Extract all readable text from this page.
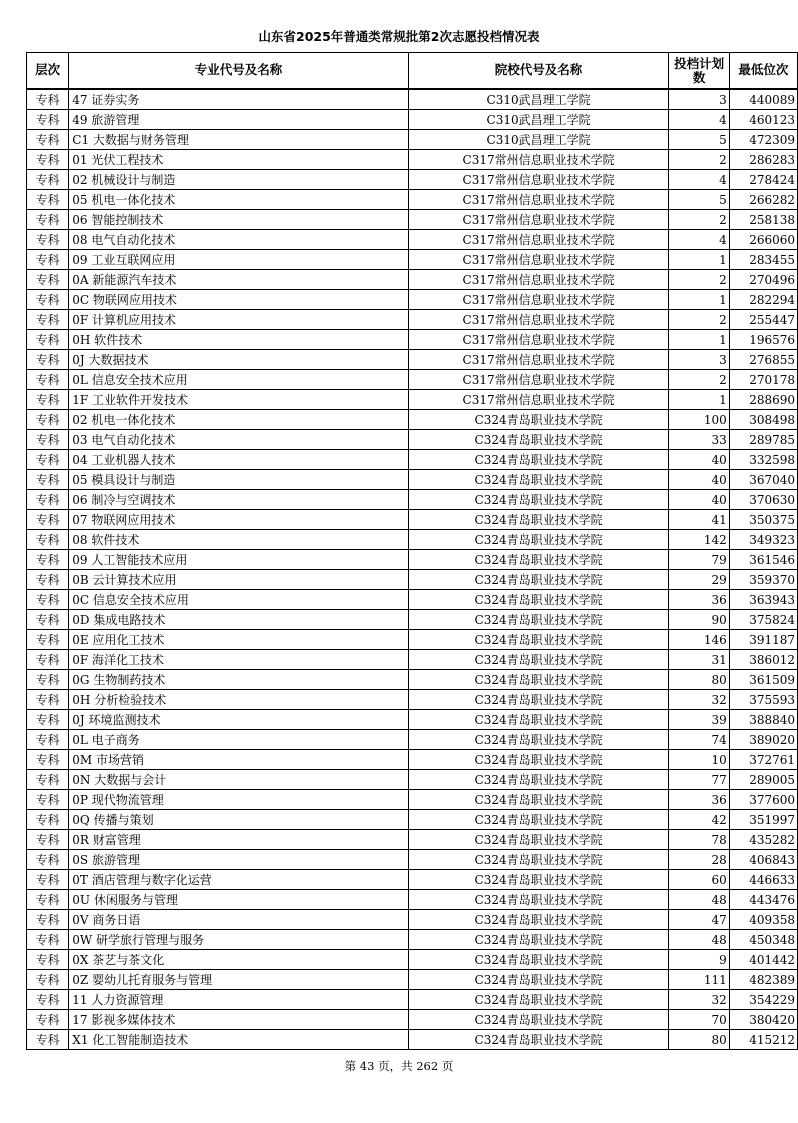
山东省2025年普通类常规批第2次志愿投档情况表
层次	专业代号及名称	院校代号及名称	投档计划数	最低位次
专科	47 证券实务	C310武昌理工学院	3	440089
专科	49 旅游管理	C310武昌理工学院	4	460123
专科	C1 大数据与财务管理	C310武昌理工学院	5	472309
专科	01 光伏工程技术	C317常州信息职业技术学院	2	286283
专科	02 机械设计与制造	C317常州信息职业技术学院	4	278424
专科	05 机电一体化技术	C317常州信息职业技术学院	5	266282
专科	06 智能控制技术	C317常州信息职业技术学院	2	258138
专科	08 电气自动化技术	C317常州信息职业技术学院	4	266060
专科	09 工业互联网应用	C317常州信息职业技术学院	1	283455
专科	0A 新能源汽车技术	C317常州信息职业技术学院	2	270496
专科	0C 物联网应用技术	C317常州信息职业技术学院	1	282294
专科	0F 计算机应用技术	C317常州信息职业技术学院	2	255447
专科	0H 软件技术	C317常州信息职业技术学院	1	196576
专科	0J 大数据技术	C317常州信息职业技术学院	3	276855
专科	0L 信息安全技术应用	C317常州信息职业技术学院	2	270178
专科	1F 工业软件开发技术	C317常州信息职业技术学院	1	288690
专科	02 机电一体化技术	C324青岛职业技术学院	100	308498
专科	03 电气自动化技术	C324青岛职业技术学院	33	289785
专科	04 工业机器人技术	C324青岛职业技术学院	40	332598
专科	05 模具设计与制造	C324青岛职业技术学院	40	367040
专科	06 制冷与空调技术	C324青岛职业技术学院	40	370630
专科	07 物联网应用技术	C324青岛职业技术学院	41	350375
专科	08 软件技术	C324青岛职业技术学院	142	349323
专科	09 人工智能技术应用	C324青岛职业技术学院	79	361546
专科	0B 云计算技术应用	C324青岛职业技术学院	29	359370
专科	0C 信息安全技术应用	C324青岛职业技术学院	36	363943
专科	0D 集成电路技术	C324青岛职业技术学院	90	375824
专科	0E 应用化工技术	C324青岛职业技术学院	146	391187
专科	0F 海洋化工技术	C324青岛职业技术学院	31	386012
专科	0G 生物制药技术	C324青岛职业技术学院	80	361509
专科	0H 分析检验技术	C324青岛职业技术学院	32	375593
专科	0J 环境监测技术	C324青岛职业技术学院	39	388840
专科	0L 电子商务	C324青岛职业技术学院	74	389020
专科	0M 市场营销	C324青岛职业技术学院	10	372761
专科	0N 大数据与会计	C324青岛职业技术学院	77	289005
专科	0P 现代物流管理	C324青岛职业技术学院	36	377600
专科	0Q 传播与策划	C324青岛职业技术学院	42	351997
专科	0R 财富管理	C324青岛职业技术学院	78	435282
专科	0S 旅游管理	C324青岛职业技术学院	28	406843
专科	0T 酒店管理与数字化运营	C324青岛职业技术学院	60	446633
专科	0U 休闲服务与管理	C324青岛职业技术学院	48	443476
专科	0V 商务日语	C324青岛职业技术学院	47	409358
专科	0W 研学旅行管理与服务	C324青岛职业技术学院	48	450348
专科	0X 茶艺与茶文化	C324青岛职业技术学院	9	401442
专科	0Z 婴幼儿托育服务与管理	C324青岛职业技术学院	111	482389
专科	11 人力资源管理	C324青岛职业技术学院	32	354229
专科	17 影视多媒体技术	C324青岛职业技术学院	70	380420
专科	X1 化工智能制造技术	C324青岛职业技术学院	80	415212
第 43 页，共 262 页
